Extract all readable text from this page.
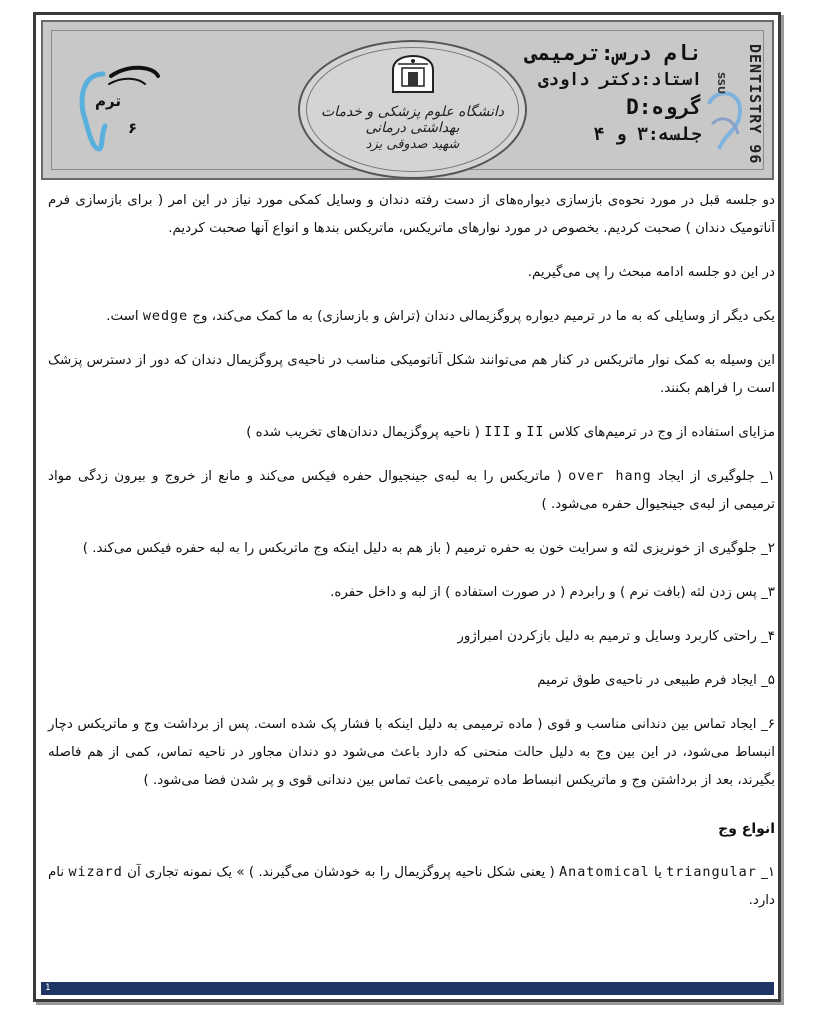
ترم
۶
دانشگاه علوم پزشکی و خدمات بهداشتی درمانی
شهید صدوقی یزد
نام درس:ترمیمی
استاد:دکتر داودی
گروه:D
جلسه:۳ و ۴	DENTISTRY 96
SSU

دو جلسه قبل در مورد نحوه‌ی بازسازی دیواره‌های از دست رفته دندان و وسایل کمکی مورد نیاز در این امر ( برای بازسازی فرم آناتومیک دندان ) صحبت کردیم. بخصوص در مورد نوارهای ماتریکس، ماتریکس بندها و انواع آنها صحبت کردیم.

در این دو جلسه ادامه مبحث را پی می‌گیریم.

یکی دیگر از وسایلی که به ما در ترمیم دیواره پروگزیمالی دندان (تراش و بازسازی) به ما کمک می‌کند، وج wedge است.

این وسیله به کمک نوار ماتریکس در کنار هم می‌توانند شکل آناتومیکی مناسب در ناحیه‌ی پروگزیمال دندان که دور از دسترس پزشک است را فراهم بکنند.

مزایای استفاده از وج در ترمیم‌های کلاس II و III ( ناحیه پروگزیمال دندان‌های تخریب شده )

۱_ جلوگیری از ایجاد over hang ( ماتریکس را به لبه‌ی جینجیوال حفره فیکس می‌کند و مانع از خروج و بیرون زدگی مواد ترمیمی از لبه‌ی جینجیوال حفره می‌شود. )

۲_ جلوگیری از خونریزی لثه و سرایت خون به حفره ترمیم ( باز هم به دلیل اینکه وج ماتریکس را به لبه حفره فیکس می‌کند. )

۳_ پس زدن لثه (بافت نرم ) و رابردم ( در صورت استفاده ) از لبه و داخل حفره.

۴_ راحتی کاربرد وسایل و ترمیم به دلیل بازکردن امبراژور

۵_ ایجاد فرم طبیعی در ناحیه‌ی طوق ترمیم

۶_ ایجاد تماس بین دندانی مناسب و قوی ( ماده ترمیمی به دلیل اینکه با فشار پک شده است. پس از برداشت وج و ماتریکس دچار انبساط می‌شود، در این بین وج به دلیل حالت منحنی که دارد باعث می‌شود دو دندان مجاور در ناحیه تماس، کمی از هم فاصله بگیرند، بعد از برداشتن وج و ماتریکس انبساط ماده ترمیمی باعث تماس بین دندانی قوی و پر شدن فضا می‌شود. )

انواع وج

۱_ triangular یا Anatomical ( یعنی شکل ناحیه پروگزیمال را به خودشان می‌گیرند. ) » یک نمونه تجاری آن wizard نام دارد.

1
